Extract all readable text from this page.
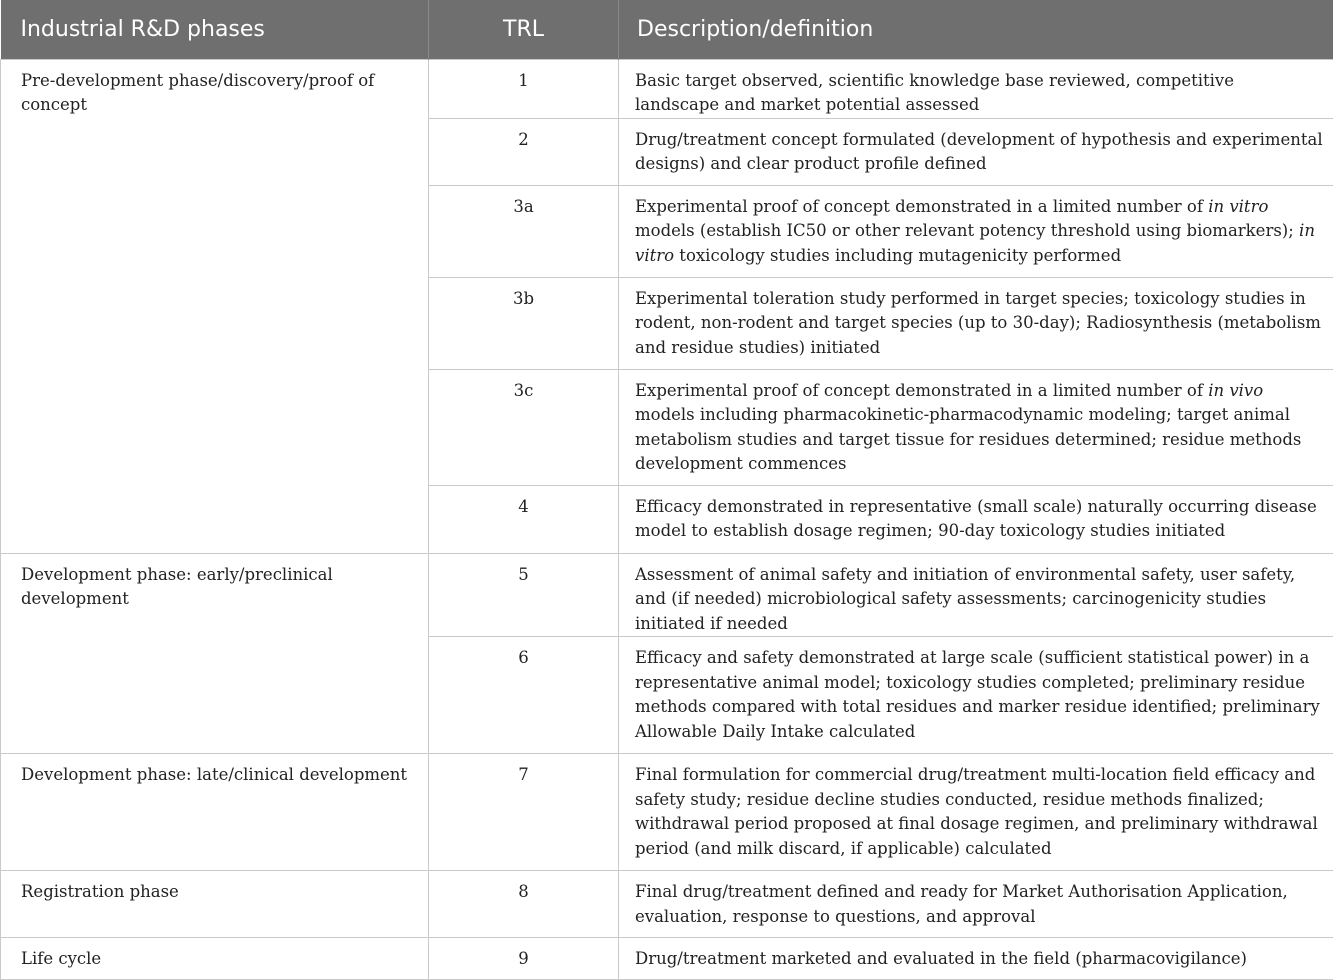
Industrial R&D phases	TRL	Description/definition
Pre-development phase/discovery/proof of concept	1	Basic target observed, scientific knowledge base reviewed, competitive landscape and market potential assessed
	2	Drug/treatment concept formulated (development of hypothesis and experimental designs) and clear product profile defined
	3a	Experimental proof of concept demonstrated in a limited number of in vitro models (establish IC50 or other relevant potency threshold using biomarkers); in vitro toxicology studies including mutagenicity performed
	3b	Experimental toleration study performed in target species; toxicology studies in rodent, non-rodent and target species (up to 30-day); Radiosynthesis (metabolism and residue studies) initiated
	3c	Experimental proof of concept demonstrated in a limited number of in vivo models including pharmacokinetic-pharmacodynamic modeling; target animal metabolism studies and target tissue for residues determined; residue methods development commences
	4	Efficacy demonstrated in representative (small scale) naturally occurring disease model to establish dosage regimen; 90-day toxicology studies initiated
Development phase: early/preclinical development	5	Assessment of animal safety and initiation of environmental safety, user safety, and (if needed) microbiological safety assessments; carcinogenicity studies initiated if needed
	6	Efficacy and safety demonstrated at large scale (sufficient statistical power) in a representative animal model; toxicology studies completed; preliminary residue methods compared with total residues and marker residue identified; preliminary Allowable Daily Intake calculated
Development phase: late/clinical development	7	Final formulation for commercial drug/treatment multi-location field efficacy and safety study; residue decline studies conducted, residue methods finalized; withdrawal period proposed at final dosage regimen, and preliminary withdrawal period (and milk discard, if applicable) calculated
Registration phase	8	Final drug/treatment defined and ready for Market Authorisation Application, evaluation, response to questions, and approval
Life cycle	9	Drug/treatment marketed and evaluated in the field (pharmacovigilance)
